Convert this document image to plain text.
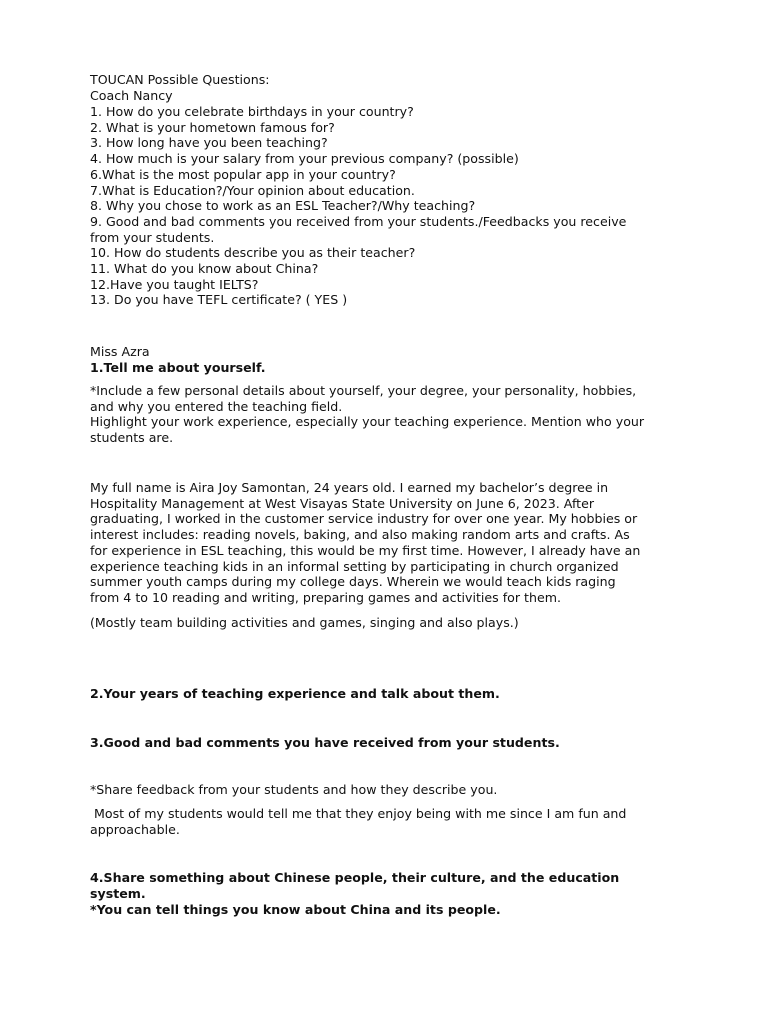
TOUCAN Possible Questions:
Coach Nancy
1. How do you celebrate birthdays in your country?
2. What is your hometown famous for?
3. How long have you been teaching?
4. How much is your salary from your previous company? (possible)
6.What is the most popular app in your country?
7.What is Education?/Your opinion about education.
8. Why you chose to work as an ESL Teacher?/Why teaching?
9. Good and bad comments you received from your students./Feedbacks you receive
from your students.
10. How do students describe you as their teacher?
11. What do you know about China?
12.Have you taught IELTS?
13. Do you have TEFL certificate? ( YES )
Miss Azra
1.Tell me about yourself.
*Include a few personal details about yourself, your degree, your personality, hobbies,
and why you entered the teaching field.
Highlight your work experience, especially your teaching experience. Mention who your
students are.
My full name is Aira Joy Samontan, 24 years old. I earned my bachelor’s degree in
Hospitality Management at West Visayas State University on June 6, 2023. After
graduating, I worked in the customer service industry for over one year. My hobbies or
interest includes: reading novels, baking, and also making random arts and crafts. As
for experience in ESL teaching, this would be my first time. However, I already have an
experience teaching kids in an informal setting by participating in church organized
summer youth camps during my college days. Wherein we would teach kids raging
from 4 to 10 reading and writing, preparing games and activities for them.
(Mostly team building activities and games, singing and also plays.)
2.Your years of teaching experience and talk about them.
3.Good and bad comments you have received from your students.
*Share feedback from your students and how they describe you.
Most of my students would tell me that they enjoy being with me since I am fun and
approachable.
4.Share something about Chinese people, their culture, and the education
system.
*You can tell things you know about China and its people.
